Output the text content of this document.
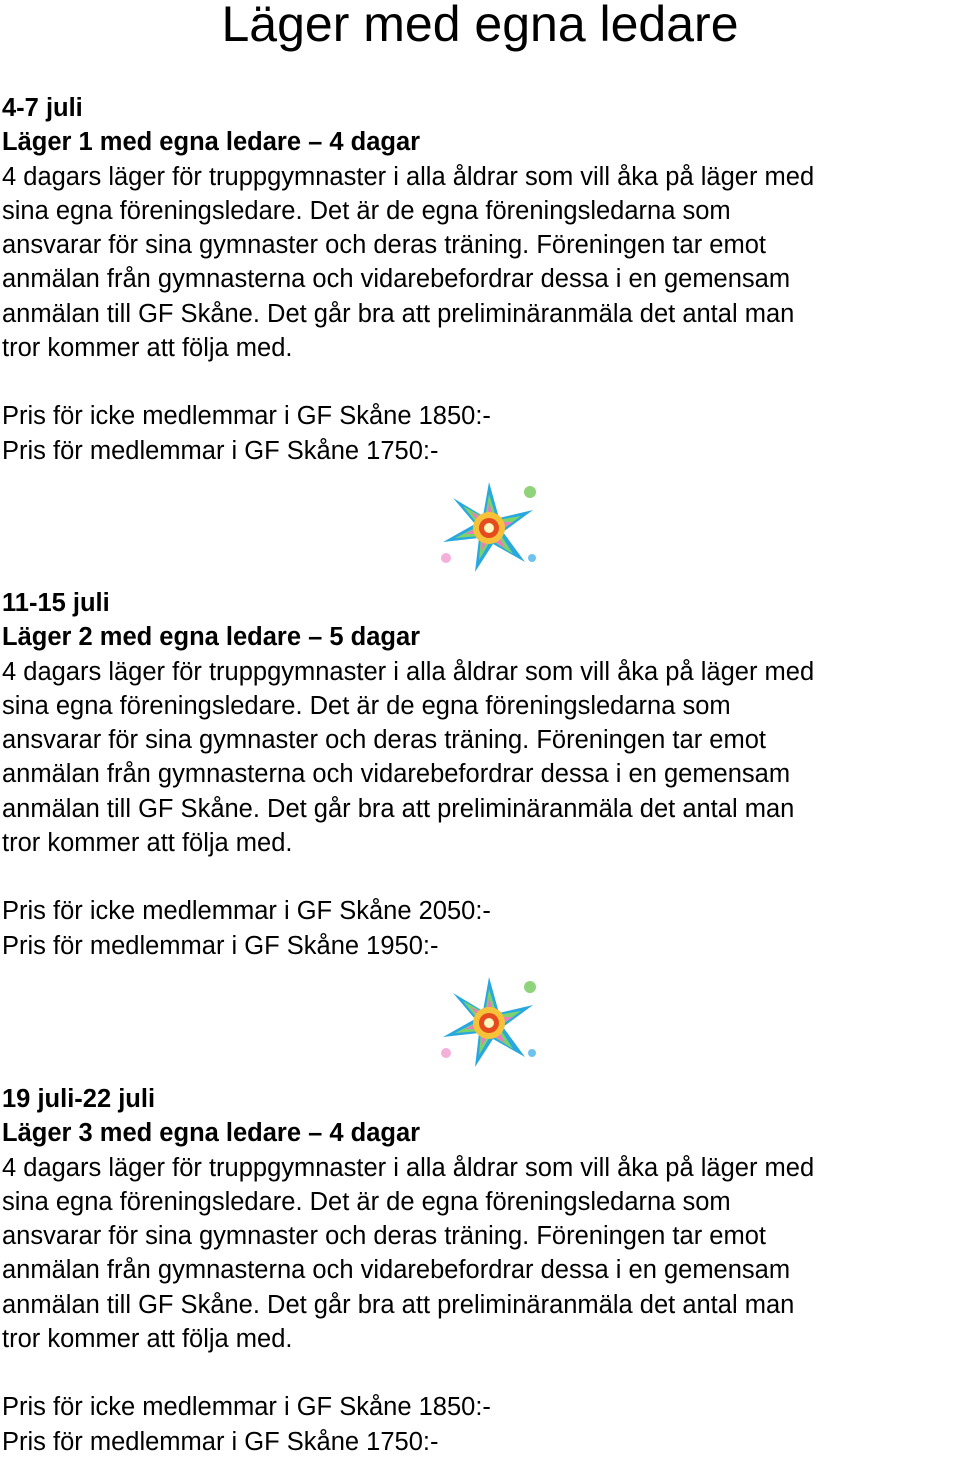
Läger med egna ledare
4-7 juli
Läger 1 med egna ledare – 4 dagar
4 dagars läger för truppgymnaster i alla åldrar som vill åka på läger med
sina egna föreningsledare. Det är de egna föreningsledarna som
ansvarar för sina gymnaster och deras träning. Föreningen tar emot
anmälan från gymnasterna och vidarebefordrar dessa i en gemensam
anmälan till GF Skåne. Det går bra att preliminäranmäla det antal man
tror kommer att följa med.
Pris för icke medlemmar i GF Skåne 1850:-
Pris för medlemmar i GF Skåne 1750:-
11-15 juli
Läger 2 med egna ledare – 5 dagar
4 dagars läger för truppgymnaster i alla åldrar som vill åka på läger med
sina egna föreningsledare. Det är de egna föreningsledarna som
ansvarar för sina gymnaster och deras träning. Föreningen tar emot
anmälan från gymnasterna och vidarebefordrar dessa i en gemensam
anmälan till GF Skåne. Det går bra att preliminäranmäla det antal man
tror kommer att följa med.
Pris för icke medlemmar i GF Skåne 2050:-
Pris för medlemmar i GF Skåne 1950:-
19 juli-22 juli
Läger 3 med egna ledare – 4 dagar
4 dagars läger för truppgymnaster i alla åldrar som vill åka på läger med
sina egna föreningsledare. Det är de egna föreningsledarna som
ansvarar för sina gymnaster och deras träning. Föreningen tar emot
anmälan från gymnasterna och vidarebefordrar dessa i en gemensam
anmälan till GF Skåne. Det går bra att preliminäranmäla det antal man
tror kommer att följa med.
Pris för icke medlemmar i GF Skåne 1850:-
Pris för medlemmar i GF Skåne 1750:-
